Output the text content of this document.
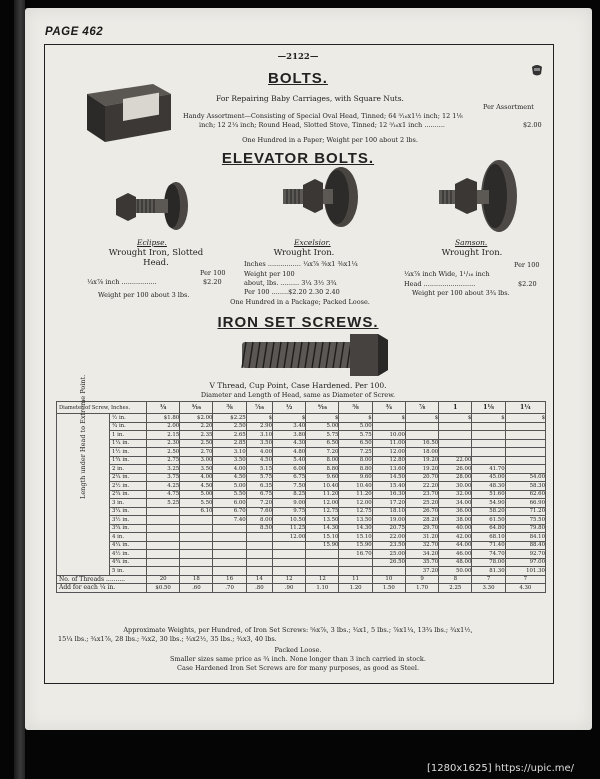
PAGE 462
—2122—
BOLTS.
For Repairing Baby Carriages, with Square Nuts.
Per Assortment
Handy Assortment—Consisting of Special Oval Head, Tinned; 64 ⁵⁄₁₆x1½ inch; 12 1⅛
inch; 12 2¼ inch; Round Head, Slotted Stove, Tinned; 12 ⁵⁄₁₆x1 inch ..........	$2.00
One Hundred in a Paper; Weight per 100 about 2 lbs.
ELEVATOR BOLTS.
Eclipse.
Wrought Iron, Slotted
Head.
Per 100
¼x⅞ inch .................	$2.20
Weight per 100 about 3 lbs.
Excelsior.
Wrought Iron.
Inches ................ ¼x⅞ ⅜x1 ⅜x1¼
Weight per 100
about, lbs. ......... 3¼ 3½ 3¾
Per 100 ........$2.20 2.30 2.40
Samson.
Wrought Iron.
Per 100
¼x⅞ inch Wide, 1¹/₁₆ inch
Head .........................	$2.20
Weight per 100 about 3¾ lbs.
One Hundred in a Package; Packed Loose.
IRON SET SCREWS.
V Thread, Cup Point, Case Hardened. Per 100.
Diameter and Length of Head, same as Diameter of Screw.
Diameter of Screw, Inches.		¼	⁵⁄₁₆	⅜	⁷⁄₁₆	½	⁹⁄₁₆	⅝	¾	⅞	1	1⅛	1¼

Length under Head to Extreme Point.	½ in.	$1.80	$2.00	$2.25	$	$	$	$	$	$	$	$	$
	¾ in.	2.00	2.20	2.50	2.90	3.40	5.00	5.00					
	1 in.	2.15	2.35	2.65	3.10	3.80	5.75	5.75	10.00				
	1¼ in.	2.30	2.50	2.85	3.50	4.30	6.50	6.50	11.00	16.50			
	1½ in.	2.50	2.70	3.10	4.00	4.80	7.20	7.25	12.00	18.00			
	1¾ in.	2.75	3.00	3.50	4.50	5.40	8.00	8.00	12.80	19.20	22.00		
	2 in.	3.25	3.50	4.00	5.15	6.00	8.80	8.80	13.60	19.20	26.00	41.70	
	2¼ in.	3.75	4.00	4.50	5.75	6.75	9.60	9.60	14.50	20.70	28.00	45.00	54.00
	2½ in.	4.25	4.50	5.00	6.35	7.50	10.40	10.40	15.40	22.20	30.00	48.30	58.30
	2¾ in.	4.75	5.00	5.50	6.75	8.25	11.20	11.20	16.30	23.70	32.00	51.60	62.60
	3 in.	5.25	5.50	6.00	7.20	9.00	12.00	12.00	17.20	25.20	34.00	54.90	66.90
	3¼ in.		6.10	6.70	7.60	9.75	12.75	12.75	18.10	26.70	36.00	58.20	71.20
	3½ in.			7.40	8.00	10.50	13.50	13.50	19.00	28.20	38.00	61.50	75.50
	3¾ in.				8.50	11.25	14.30	14.30	20.75	29.70	40.00	64.80	79.80
	4 in.					12.00	15.10	15.10	22.00	31.20	42.00	68.10	84.10
	4¼ in.						15.90	15.90	23.50	32.70	44.00	71.40	88.40
	4½ in.							16.70	25.00	34.20	46.00	74.70	92.70
	4¾ in.								26.50	35.70	48.00	78.00	97.00
	5 in.									37.20	50.00	81.30	101.30
No. of Threads ..........		20	18	16	14	12	12	11	10	9	8	7	7
Add for each ¼ in.		$0.50	.60	.70	.80	.90	1.10	1.20	1.50	1.70	2.25	3.30	4.30
Approximate Weights, per Hundred, of Iron Set Screws: ⅝x⅞, 3 lbs.; ¾x1, 5 lbs.; ⅞x1¼, 13¾ lbs.; ¾x1½,
15¼ lbs.; ¾x1⅞, 28 lbs.; ¾x2, 30 lbs.; ¾x2½, 35 lbs.; ¾x3, 40 lbs.
Packed Loose.
Smaller sizes same price as ¾ inch. None longer than 3 inch carried in stock.
Case Hardened Iron Set Screws are for many purposes, as good as Steel.
[1280x1625] https://upic.me/
